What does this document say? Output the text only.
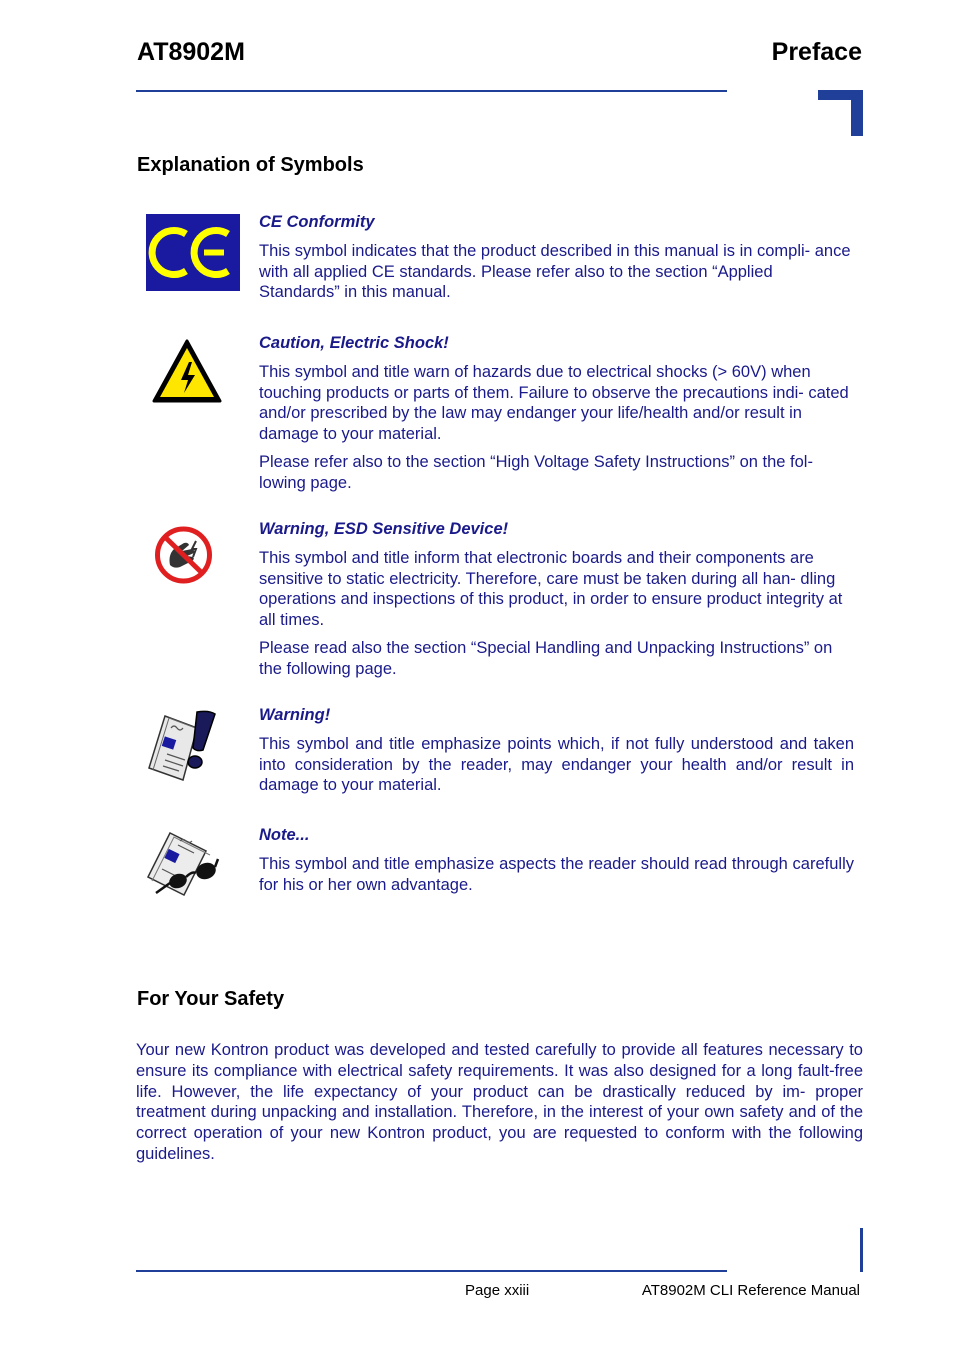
AT8902M	Preface
Explanation of Symbols
CE Conformity

This symbol indicates that the product described in this manual is in compli- ance with all applied CE standards. Please refer also to the section “Applied Standards” in this manual.

Caution, Electric Shock!

This symbol and title warn of hazards due to electrical shocks (> 60V) when touching products or parts of them. Failure to observe the precautions indi- cated and/or prescribed by the law may endanger your life/health and/or result in damage to your material.

Please refer also to the section “High Voltage Safety Instructions” on the fol- lowing page.

Warning, ESD Sensitive Device!

This symbol and title inform that electronic boards and their components are sensitive to static electricity. Therefore, care must be taken during all han- dling operations and inspections of this product, in order to ensure product integrity at all times.

Please read also the section “Special Handling and Unpacking Instructions” on the following page.

Warning!

This symbol and title emphasize points which, if not fully understood and taken into consideration by the reader, may endanger your health and/or result in damage to your material.

Note...

This symbol and title emphasize aspects the reader should read through carefully for his or her own advantage.

For Your Safety
Your new Kontron product was developed and tested carefully to provide all features necessary to ensure its compliance with electrical safety requirements. It was also designed for a long fault-free life. However, the life expectancy of your product can be drastically reduced by im- proper treatment during unpacking and installation. Therefore, in the interest of your own safety and of the correct operation of your new Kontron product, you are requested to conform with the following guidelines.
Page xxiii	AT8902M CLI Reference Manual
